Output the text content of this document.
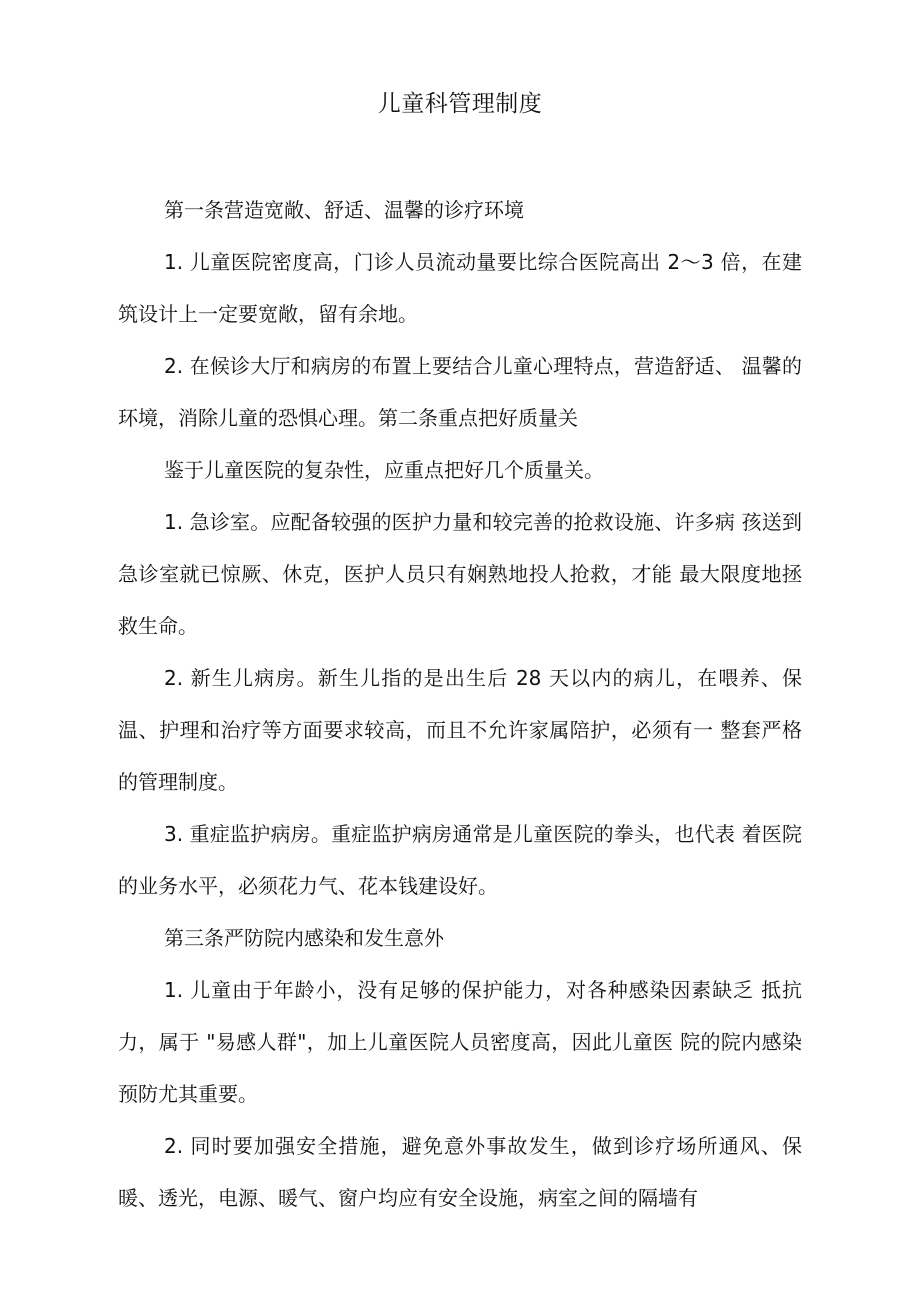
儿童科管理制度

第一条营造宽敞、舒适、温馨的诊疗环境

1. 儿童医院密度高，门诊人员流动量要比综合医院高出 2～3 倍，在建筑设计上一定要宽敞，留有余地。

2. 在候诊大厅和病房的布置上要结合儿童心理特点，营造舒适、 温馨的环境，消除儿童的恐惧心理。第二条重点把好质量关

鉴于儿童医院的复杂性，应重点把好几个质量关。

1. 急诊室。应配备较强的医护力量和较完善的抢救设施、许多病 孩送到急诊室就已惊厥、休克，医护人员只有娴熟地投人抢救，才能 最大限度地拯救生命。

2. 新生儿病房。新生儿指的是出生后 28 天以内的病儿，在喂养、保温、护理和治疗等方面要求较高，而且不允许家属陪护，必须有一 整套严格的管理制度。

3. 重症监护病房。重症监护病房通常是儿童医院的拳头，也代表 着医院的业务水平，必须花力气、花本钱建设好。

第三条严防院内感染和发生意外

1. 儿童由于年龄小，没有足够的保护能力，对各种感染因素缺乏 抵抗力，属于 "易感人群"，加上儿童医院人员密度高，因此儿童医 院的院内感染预防尤其重要。

2. 同时要加强安全措施，避免意外事故发生，做到诊疗场所通风、保暖、透光，电源、暖气、窗户均应有安全设施，病室之间的隔墙有
